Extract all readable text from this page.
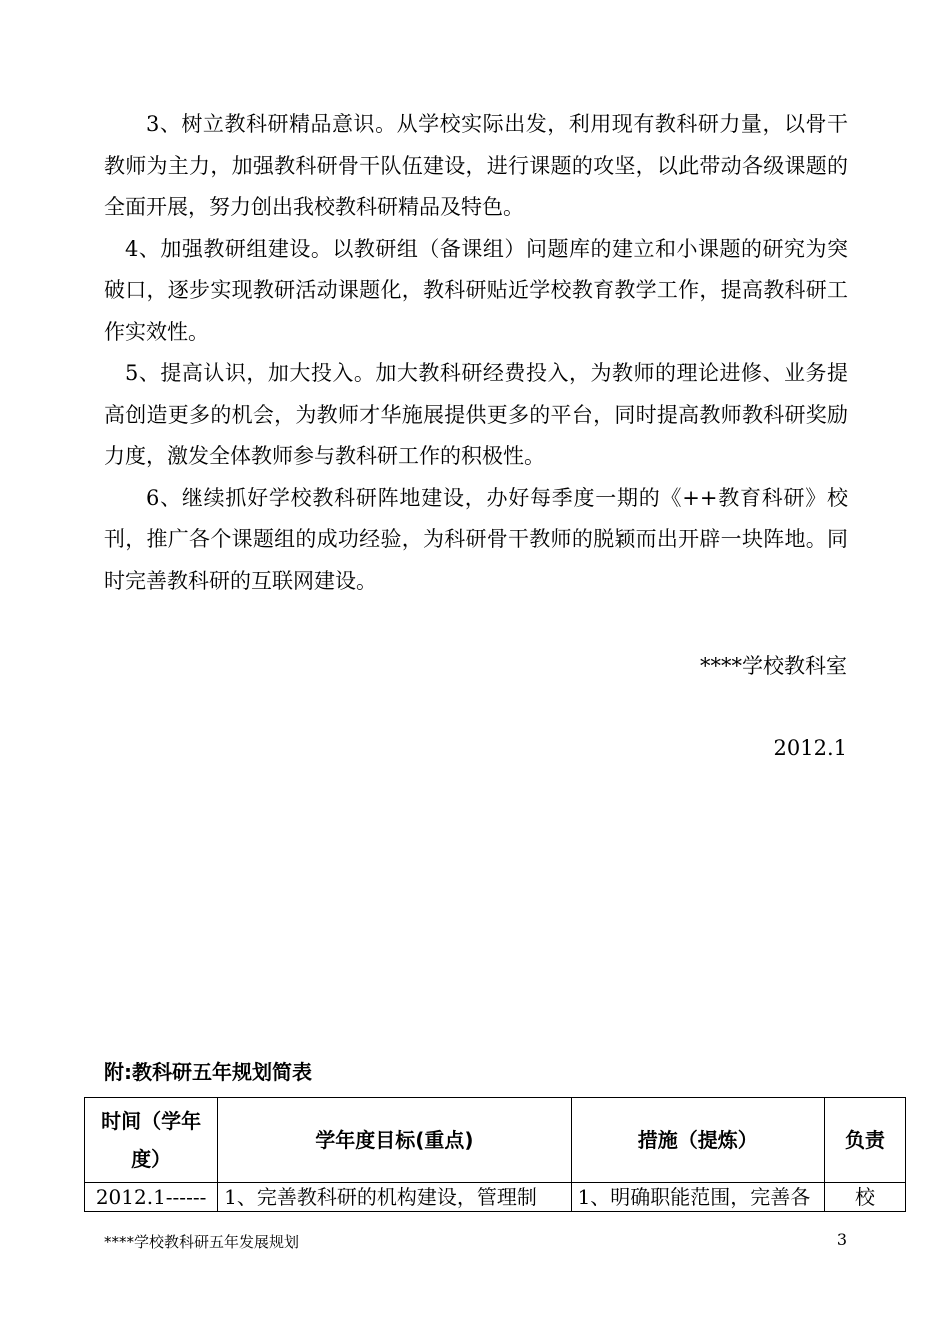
3、树立教科研精品意识。从学校实际出发，利用现有教科研力量，以骨干教师为主力，加强教科研骨干队伍建设，进行课题的攻坚，以此带动各级课题的全面开展，努力创出我校教科研精品及特色。

4、加强教研组建设。以教研组（备课组）问题库的建立和小课题的研究为突破口，逐步实现教研活动课题化，教科研贴近学校教育教学工作，提高教科研工作实效性。

5、提高认识，加大投入。加大教科研经费投入，为教师的理论进修、业务提高创造更多的机会，为教师才华施展提供更多的平台，同时提高教师教科研奖励力度，激发全体教师参与教科研工作的积极性。

6、继续抓好学校教科研阵地建设，办好每季度一期的《++教育科研》校刊，推广各个课题组的成功经验，为科研骨干教师的脱颖而出开辟一块阵地。同时完善教科研的互联网建设。

****学校教科室
2012.1
附:教科研五年规划简表
时间（学年度）	学年度目标(重点)	措施（提炼）	负责
2012.1------	1、完善教科研的机构建设，管理制	1、明确职能范围，完善各	校
****学校教科研五年发展规划	3
